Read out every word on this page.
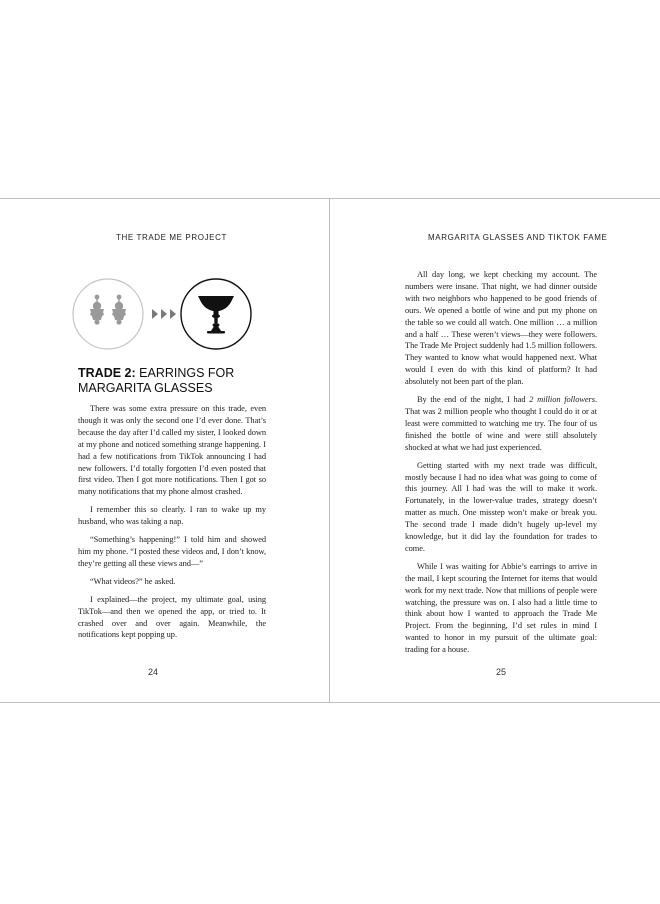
THE TRADE ME PROJECT
TRADE 2: EARRINGS FOR MARGARITA GLASSES

There was some extra pressure on this trade, even though it was only the second one I’d ever done. That’s because the day after I’d called my sister, I looked down at my phone and noticed something strange happening. I had a few notifications from TikTok announcing I had new followers. I’d totally forgotten I’d even posted that first video. Then I got more notifications. Then I got so many notifications that my phone almost crashed.

I remember this so clearly. I ran to wake up my husband, who was taking a nap.

“Something’s happening!” I told him and showed him my phone. “I posted these videos and, I don’t know, they’re getting all these views and—”

“What videos?” he asked.

I explained—the project, my ultimate goal, using TikTok—and then we opened the app, or tried to. It crashed over and over again. Meanwhile, the notifications kept popping up.

24
MARGARITA GLASSES AND TIKTOK FAME

All day long, we kept checking my account. The numbers were insane. That night, we had dinner outside with two neighbors who happened to be good friends of ours. We opened a bottle of wine and put my phone on the table so we could all watch. One million … a million and a half … These weren’t views—they were followers. The Trade Me Project suddenly had 1.5 million followers. They wanted to know what would happened next. What would I even do with this kind of platform? It had absolutely not been part of the plan.

By the end of the night, I had 2 million followers. That was 2 million people who thought I could do it or at least were committed to watching me try. The four of us finished the bottle of wine and were still absolutely shocked at what we had just experienced.

Getting started with my next trade was difficult, mostly because I had no idea what was going to come of this journey. All I had was the will to make it work. Fortunately, in the lower-value trades, strategy doesn’t matter as much. One misstep won’t make or break you. The second trade I made didn’t hugely up-level my knowledge, but it did lay the foundation for trades to come.

While I was waiting for Abbie’s earrings to arrive in the mail, I kept scouring the Internet for items that would work for my next trade. Now that millions of people were watching, the pressure was on. I also had a little time to think about how I wanted to approach the Trade Me Project. From the beginning, I’d set rules in mind I wanted to honor in my pursuit of the ultimate goal: trading for a house.

25
